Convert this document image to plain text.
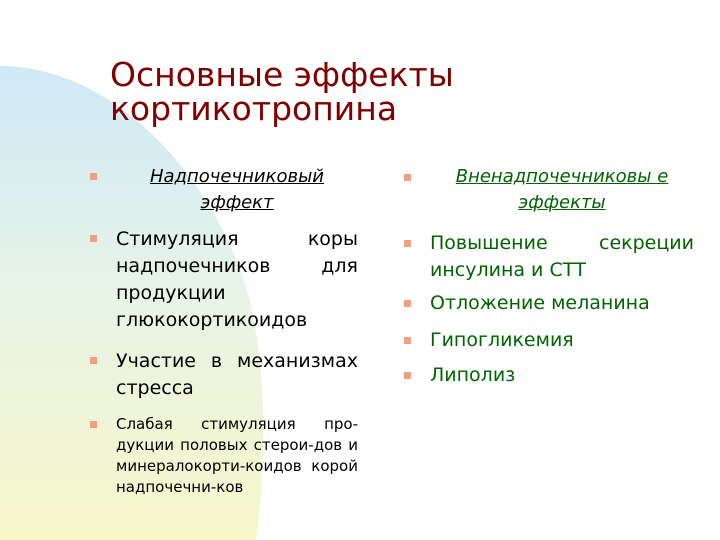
Основные эффекты
кортикотропина
Надпочечниковый эффект
Стимуляция коры надпочечников для продукции глюкокортикоидов
Участие в механизмах стресса
Слабая стимуляция про-дукции половых стерои-дов и минералокорти-коидов корой надпочечни-ков
Вненадпочечниковы е эффекты
Повышение секреции инсулина и СТТ
Отложение меланина
Гипогликемия
Липолиз
